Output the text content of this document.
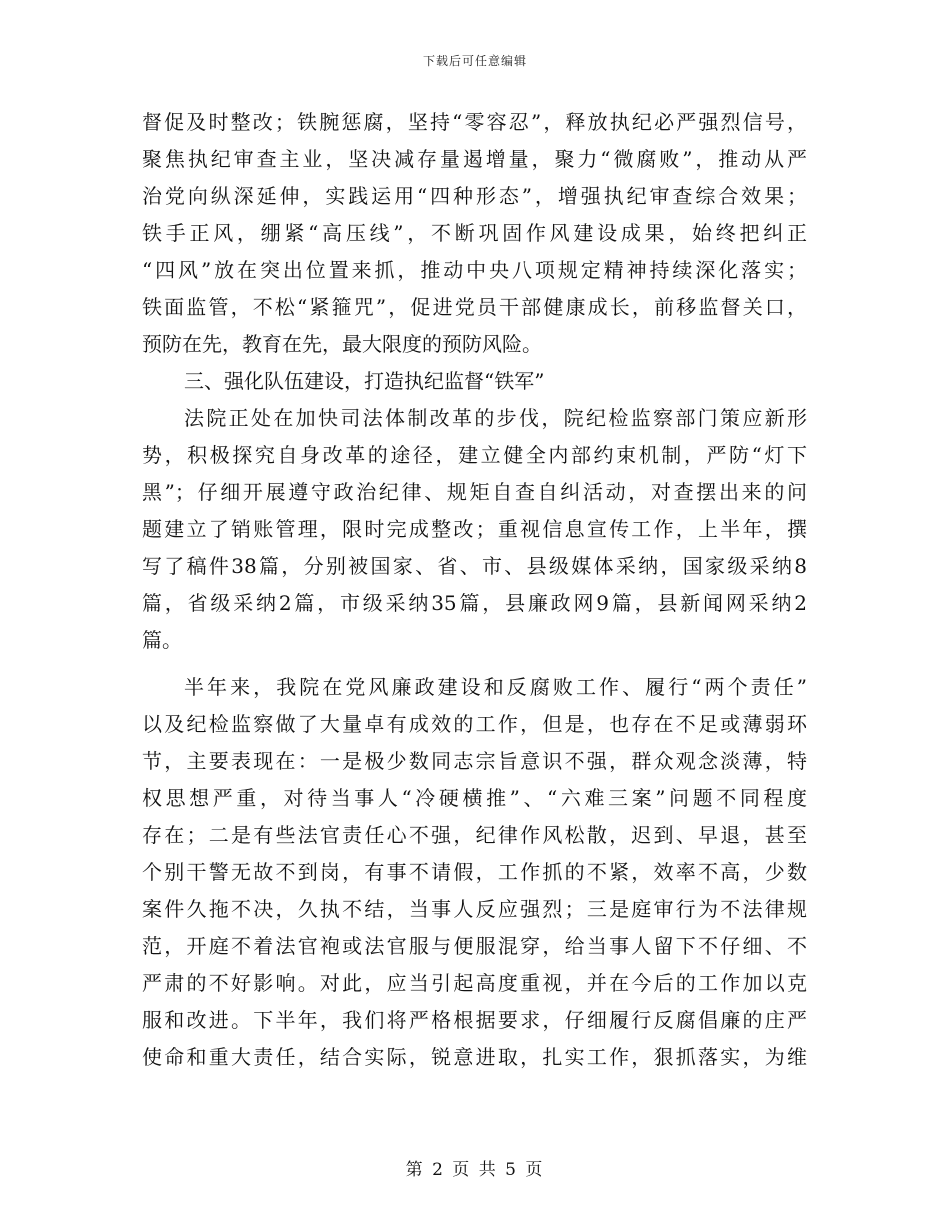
下载后可任意编辑
督促及时整改；铁腕惩腐，坚持“零容忍”，释放执纪必严强烈信号，
聚焦执纪审查主业，坚决减存量遏增量，聚力“微腐败”，推动从严
治党向纵深延伸，实践运用“四种形态”，增强执纪审查综合效果；
铁手正风，绷紧“高压线”，不断巩固作风建设成果，始终把纠正
“四风”放在突出位置来抓，推动中央八项规定精神持续深化落实；
铁面监管，不松“紧箍咒”，促进党员干部健康成长，前移监督关口，
预防在先，教育在先，最大限度的预防风险。
三、强化队伍建设，打造执纪监督“铁军”
法院正处在加快司法体制改革的步伐，院纪检监察部门策应新形
势，积极探究自身改革的途径，建立健全内部约束机制，严防“灯下
黑”；仔细开展遵守政治纪律、规矩自查自纠活动，对查摆出来的问
题建立了销账管理，限时完成整改；重视信息宣传工作，上半年，撰
写了稿件38篇，分别被国家、省、市、县级媒体采纳，国家级采纳8
篇，省级采纳2篇，市级采纳35篇，县廉政网9篇，县新闻网采纳2
篇。
半年来，我院在党风廉政建设和反腐败工作、履行“两个责任”
以及纪检监察做了大量卓有成效的工作，但是，也存在不足或薄弱环
节，主要表现在：一是极少数同志宗旨意识不强，群众观念淡薄，特
权思想严重，对待当事人“冷硬横推”、“六难三案”问题不同程度
存在；二是有些法官责任心不强，纪律作风松散，迟到、早退，甚至
个别干警无故不到岗，有事不请假，工作抓的不紧，效率不高，少数
案件久拖不决，久执不结，当事人反应强烈；三是庭审行为不法律规
范，开庭不着法官袍或法官服与便服混穿，给当事人留下不仔细、不
严肃的不好影响。对此，应当引起高度重视，并在今后的工作加以克
服和改进。下半年，我们将严格根据要求，仔细履行反腐倡廉的庄严
使命和重大责任，结合实际，锐意进取，扎实工作，狠抓落实，为维
第 2 页 共 5 页
